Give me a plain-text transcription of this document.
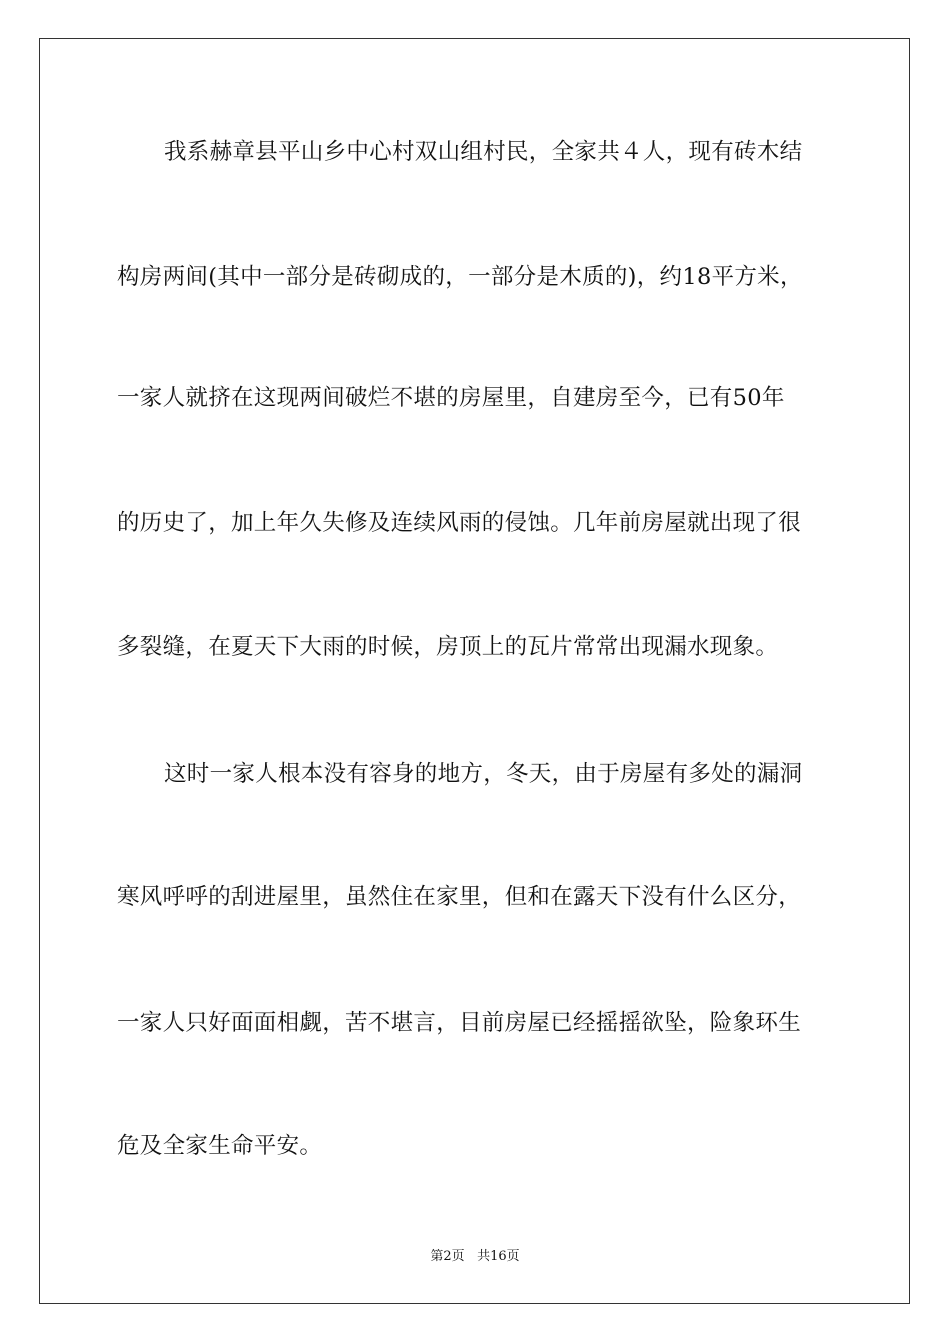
我系赫章县平山乡中心村双山组村民，全家共４人，现有砖木结
构房两间(其中一部分是砖砌成的，一部分是木质的)，约18平方米，
一家人就挤在这现两间破烂不堪的房屋里，自建房至今，已有50年
的历史了，加上年久失修及连续风雨的侵蚀。几年前房屋就出现了很
多裂缝，在夏天下大雨的时候，房顶上的瓦片常常出现漏水现象。
这时一家人根本没有容身的地方，冬天，由于房屋有多处的漏洞
寒风呼呼的刮进屋里，虽然住在家里，但和在露天下没有什么区分，
一家人只好面面相觑，苦不堪言，目前房屋已经摇摇欲坠，险象环生
危及全家生命平安。
第2页 共16页
